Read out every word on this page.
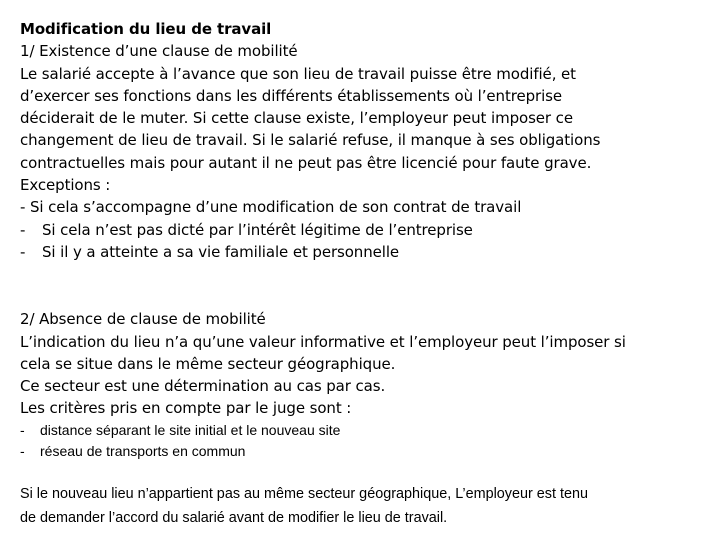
Modification du lieu de travail
1/ Existence d’une clause de mobilité
Le salarié accepte à l’avance que son lieu de travail puisse être modifié, et
d’exercer ses fonctions dans les différents établissements où l’entreprise
déciderait de le muter. Si cette clause existe, l’employeur peut imposer ce
changement de lieu de travail. Si le salarié refuse, il manque à ses obligations
contractuelles mais pour autant il ne peut pas être licencié pour faute grave.
Exceptions :
- Si cela s’accompagne d’une modification de son contrat de travail
- Si cela n’est pas dicté par l’intérêt légitime de l’entreprise
- Si il y a atteinte a sa vie familiale et personnelle
2/ Absence de clause de mobilité
L’indication du lieu n’a qu’une valeur informative et l’employeur peut l’imposer si
cela se situe dans le même secteur géographique.
Ce secteur est une détermination au cas par cas.
Les critères pris en compte par le juge sont :
- distance séparant le site initial et le nouveau site
- réseau de transports en commun
Si le nouveau lieu n’appartient pas au même secteur géographique, L’employeur est tenu
de demander l’accord du salarié avant de modifier le lieu de travail.
